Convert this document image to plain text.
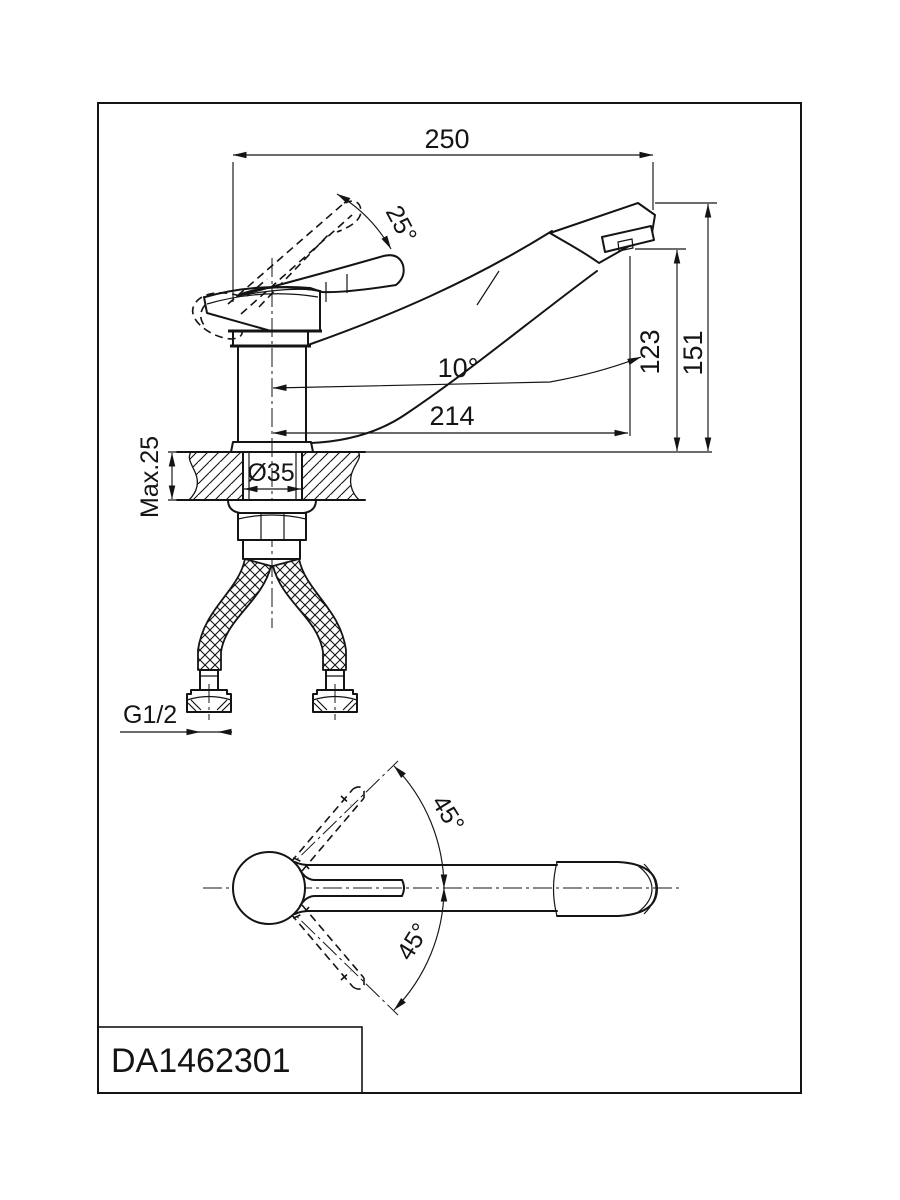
DA1462301
250
25°
10°
214
123 151
Max.25	Ø35
G1/2
45°
45°
